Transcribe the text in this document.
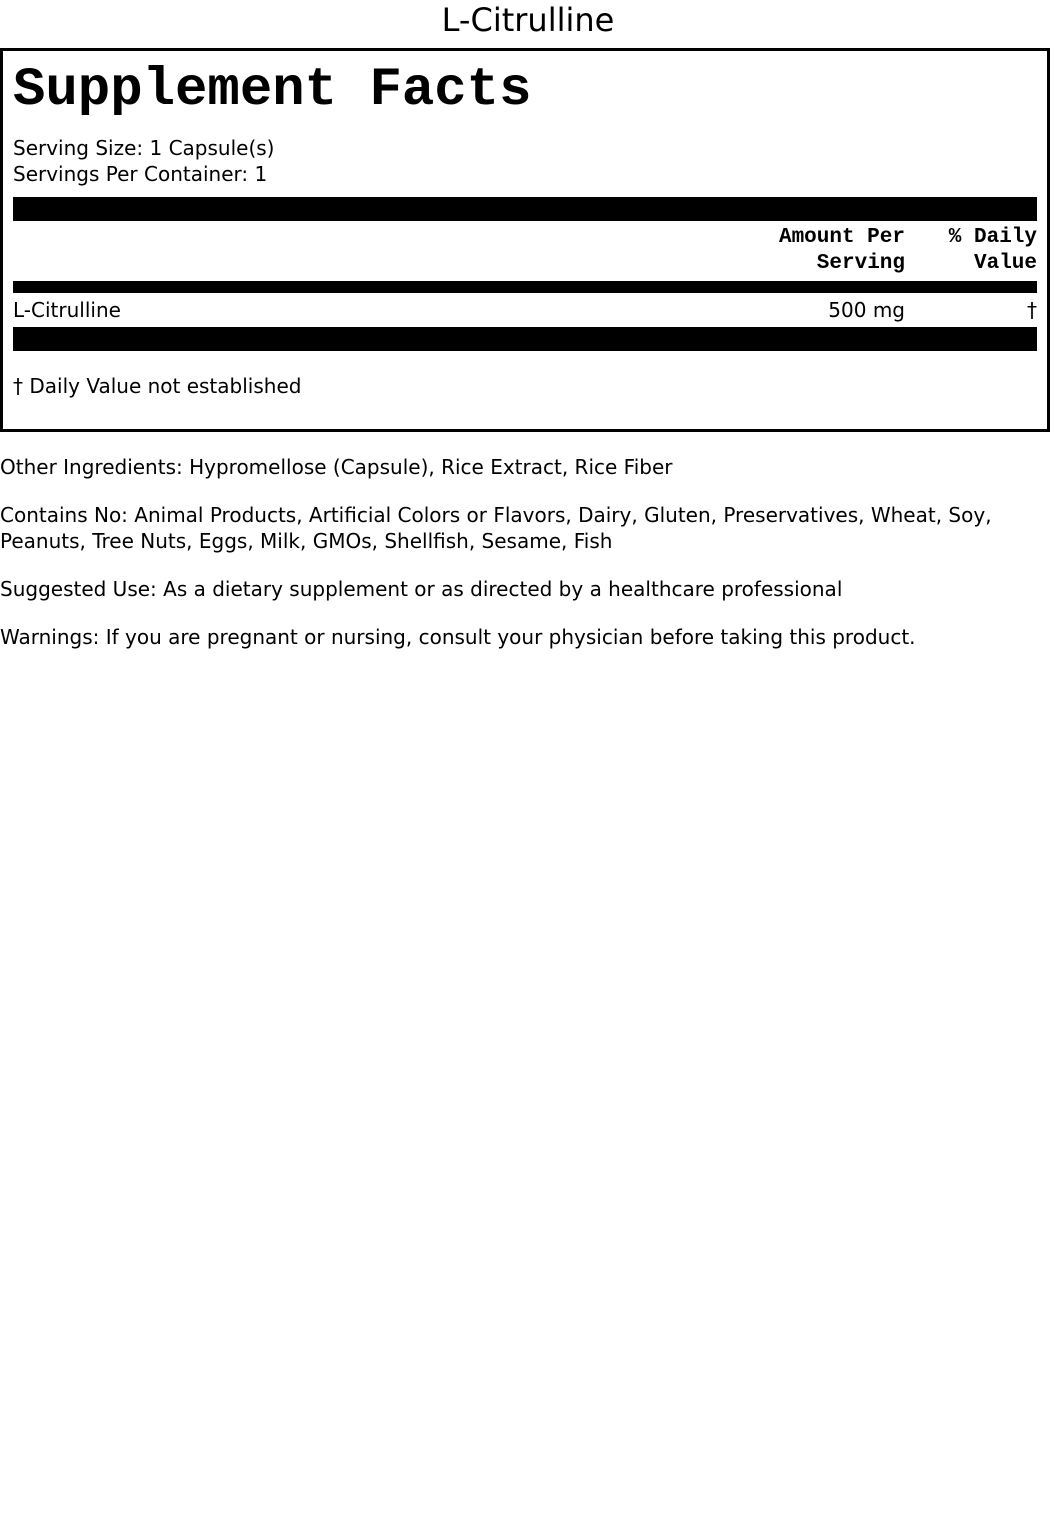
L-Citrulline
Supplement Facts
Serving Size: 1 Capsule(s)
Servings Per Container: 1
Amount Per
Serving
% Daily
Value
L-Citrulline	500 mg	†
† Daily Value not established

Other Ingredients: Hypromellose (Capsule), Rice Extract, Rice Fiber

Contains No: Animal Products, Artificial Colors or Flavors, Dairy, Gluten, Preservatives, Wheat, Soy, Peanuts, Tree Nuts, Eggs, Milk, GMOs, Shellfish, Sesame, Fish

Suggested Use: As a dietary supplement or as directed by a healthcare professional

Warnings: If you are pregnant or nursing, consult your physician before taking this product.
